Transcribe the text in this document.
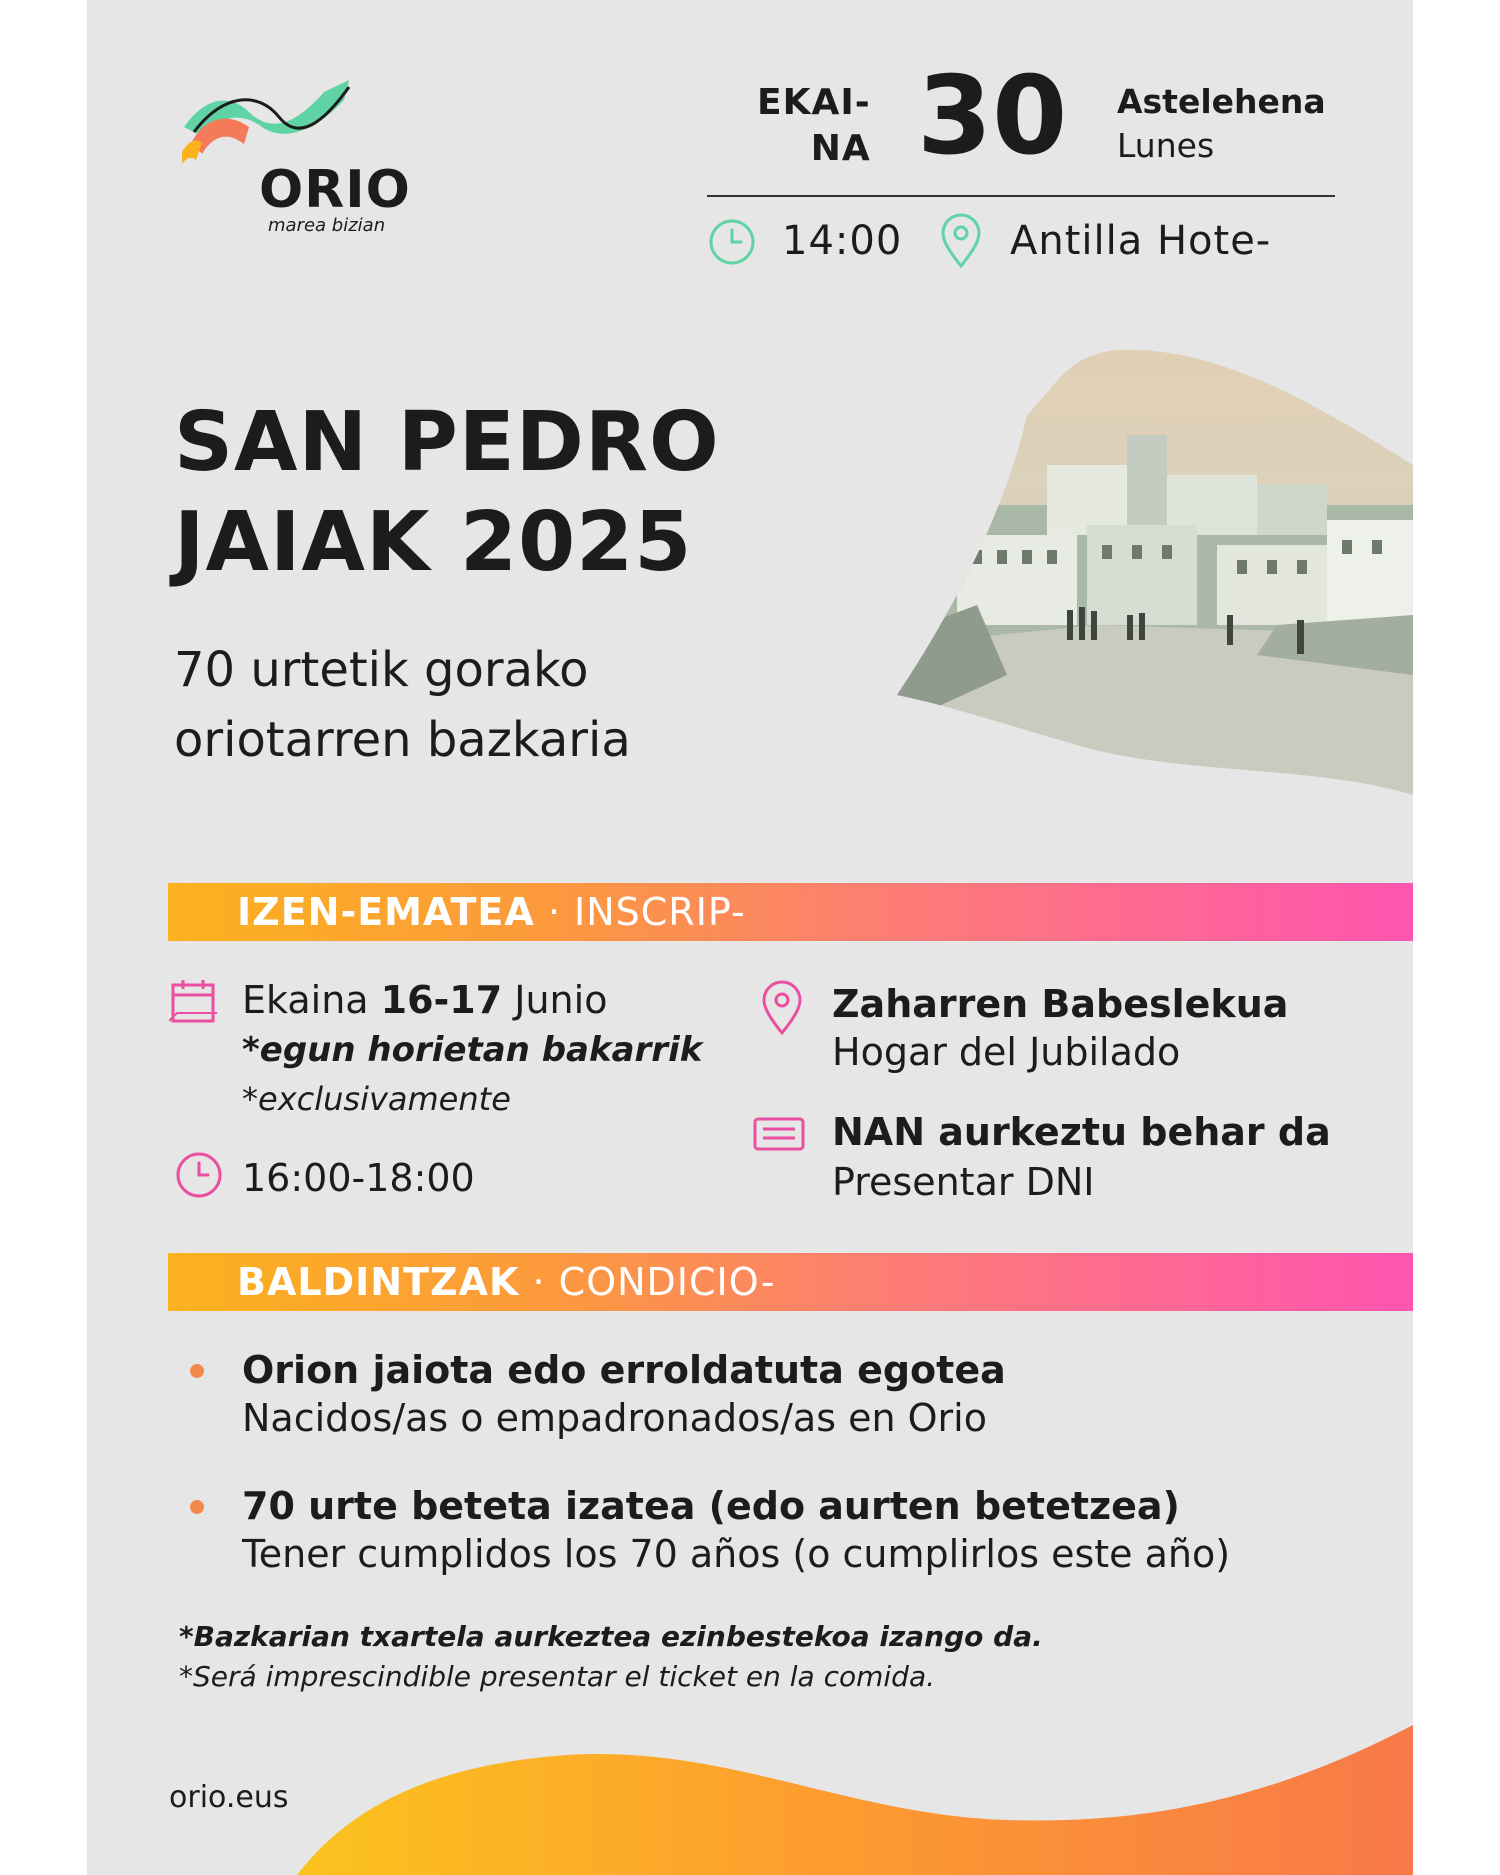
ORIO
marea bizian
EKAI-
NA 30 Astelehena
Lunes
14:00	Antilla Hote-
SAN PEDRO
JAIAK 2025
70 urtetik gorako
oriotarren bazkaria
IZEN-EMATEA · INSCRIP-
Ekaina 16-17 Junio
*egun horietan bakarrik
*exclusivamente
16:00-18:00
Zaharren Babeslekua
Hogar del Jubilado
NAN aurkeztu behar da
Presentar DNI
BALDINTZAK · CONDICIO-
Orion jaiota edo erroldatuta egotea
Nacidos/as o empadronados/as en Orio
70 urte beteta izatea (edo aurten betetzea)
Tener cumplidos los 70 años (o cumplirlos este año)
*Bazkarian txartela aurkeztea ezinbestekoa izango da.
*Será imprescindible presentar el ticket en la comida.
orio.eus
